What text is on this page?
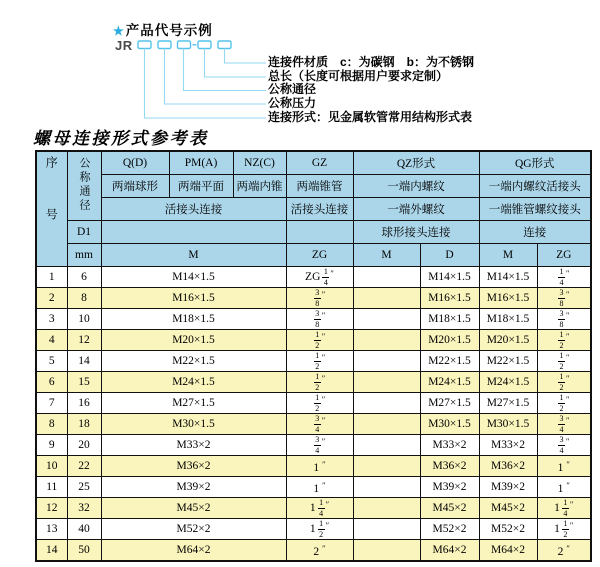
★ 产品代号示例
JR
连接件材质　c：为碳钢　b：为不锈钢
总长（长度可根据用户要求定制）
公称通径
公称压力
连接形式：见金属软管常用结构形式表
螺母连接形式参考表
序号	公称通径	Q(D)	PM(A)	NZ(C)	GZ	QZ形式		QG形式	
		两端球形	两端平面	两端内锥	两端锥管	一端内螺纹		一端内螺纹活接头	
		活接头连接			活接头连接	一端外螺纹		一端锥管螺纹接头	
	D1					球形接头连接		连接	
	mm	M			ZG	M	D	M	ZG
1	6	M14×1.5			ZG $\frac{1}{4} ''$		M14×1.5	M14×1.5	$\frac{1}{4} ''$
2	8	M16×1.5			$\frac{3}{8} ''$		M16×1.5	M16×1.5	$\frac{3}{8} ''$
3	10	M18×1.5			$\frac{3}{8} ''$		M18×1.5	M18×1.5	$\frac{3}{8} ''$
4	12	M20×1.5			$\frac{1}{2} ''$		M20×1.5	M20×1.5	$\frac{1}{2} ''$
5	14	M22×1.5			$\frac{1}{2} ''$		M22×1.5	M22×1.5	$\frac{1}{2} ''$
6	15	M24×1.5			$\frac{1}{2} ''$		M24×1.5	M24×1.5	$\frac{1}{2} ''$
7	16	M27×1.5			$\frac{1}{2} ''$		M27×1.5	M27×1.5	$\frac{1}{2} ''$
8	18	M30×1.5			$\frac{3}{4} ''$		M30×1.5	M30×1.5	$\frac{3}{4} ''$
9	20	M33×2			$\frac{3}{4} ''$		M33×2	M33×2	$\frac{3}{4} ''$
10	22	M36×2			1 ″		M36×2	M36×2	1 ″
11	25	M39×2			1 ″		M39×2	M39×2	1 ″
12	32	M45×2			$1 \frac{1}{4} ''$		M45×2	M45×2	$1 \frac{1}{4} ''$
13	40	M52×2			$1 \frac{1}{2} ''$		M52×2	M52×2	$1 \frac{1}{2} ''$
14	50	M64×2			2 ″		M64×2	M64×2	2 ″
